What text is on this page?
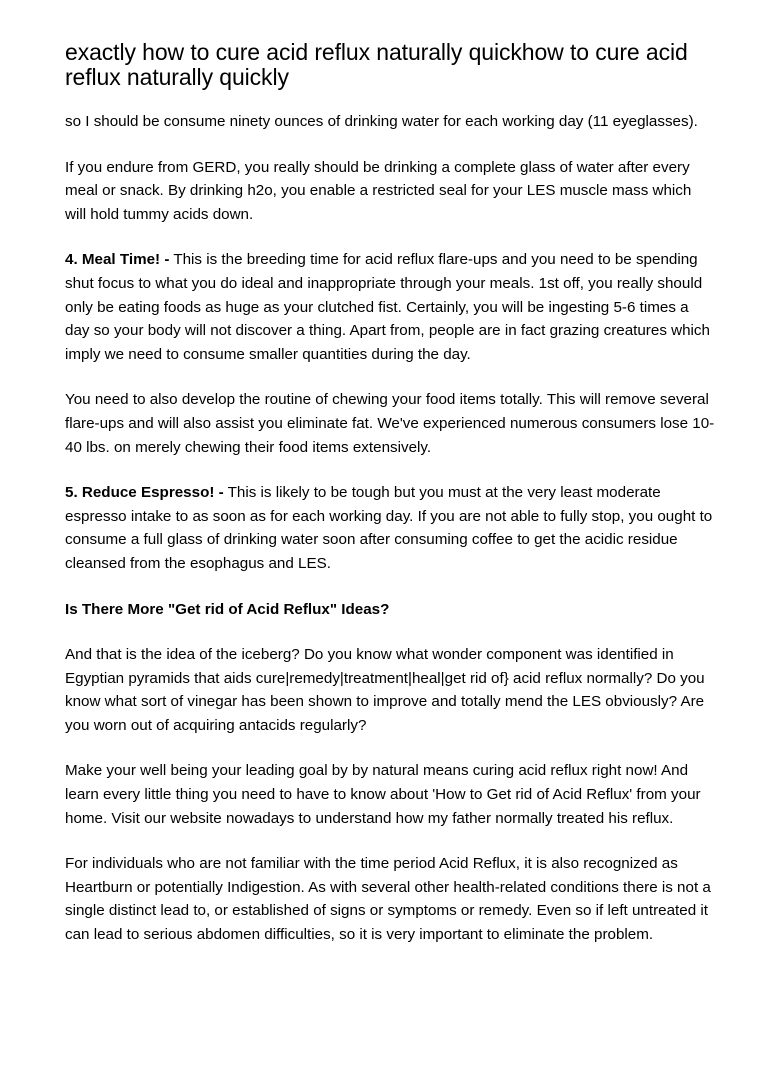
exactly how to cure acid reflux naturally quickhow to cure acid reflux naturally quickly

so I should be consume ninety ounces of drinking water for each working day (11 eyeglasses).

If you endure from GERD, you really should be drinking a complete glass of water after every meal or snack. By drinking h2o, you enable a restricted seal for your LES muscle mass which will hold tummy acids down.

4. Meal Time! - This is the breeding time for acid reflux flare-ups and you need to be spending shut focus to what you do ideal and inappropriate through your meals. 1st off, you really should only be eating foods as huge as your clutched fist. Certainly, you will be ingesting 5-6 times a day so your body will not discover a thing. Apart from, people are in fact grazing creatures which imply we need to consume smaller quantities during the day.

You need to also develop the routine of chewing your food items totally. This will remove several flare-ups and will also assist you eliminate fat. We've experienced numerous consumers lose 10-40 lbs. on merely chewing their food items extensively.

5. Reduce Espresso! - This is likely to be tough but you must at the very least moderate espresso intake to as soon as for each working day. If you are not able to fully stop, you ought to consume a full glass of drinking water soon after consuming coffee to get the acidic residue cleansed from the esophagus and LES.

Is There More "Get rid of Acid Reflux" Ideas?

And that is the idea of the iceberg? Do you know what wonder component was identified in Egyptian pyramids that aids cure|remedy|treatment|heal|get rid of} acid reflux normally? Do you know what sort of vinegar has been shown to improve and totally mend the LES obviously? Are you worn out of acquiring antacids regularly?

Make your well being your leading goal by by natural means curing acid reflux right now! And learn every little thing you need to have to know about 'How to Get rid of Acid Reflux' from your home. Visit our website nowadays to understand how my father normally treated his reflux.

For individuals who are not familiar with the time period Acid Reflux, it is also recognized as Heartburn or potentially Indigestion. As with several other health-related conditions there is not a single distinct lead to, or established of signs or symptoms or remedy. Even so if left untreated it can lead to serious abdomen difficulties, so it is very important to eliminate the problem.
